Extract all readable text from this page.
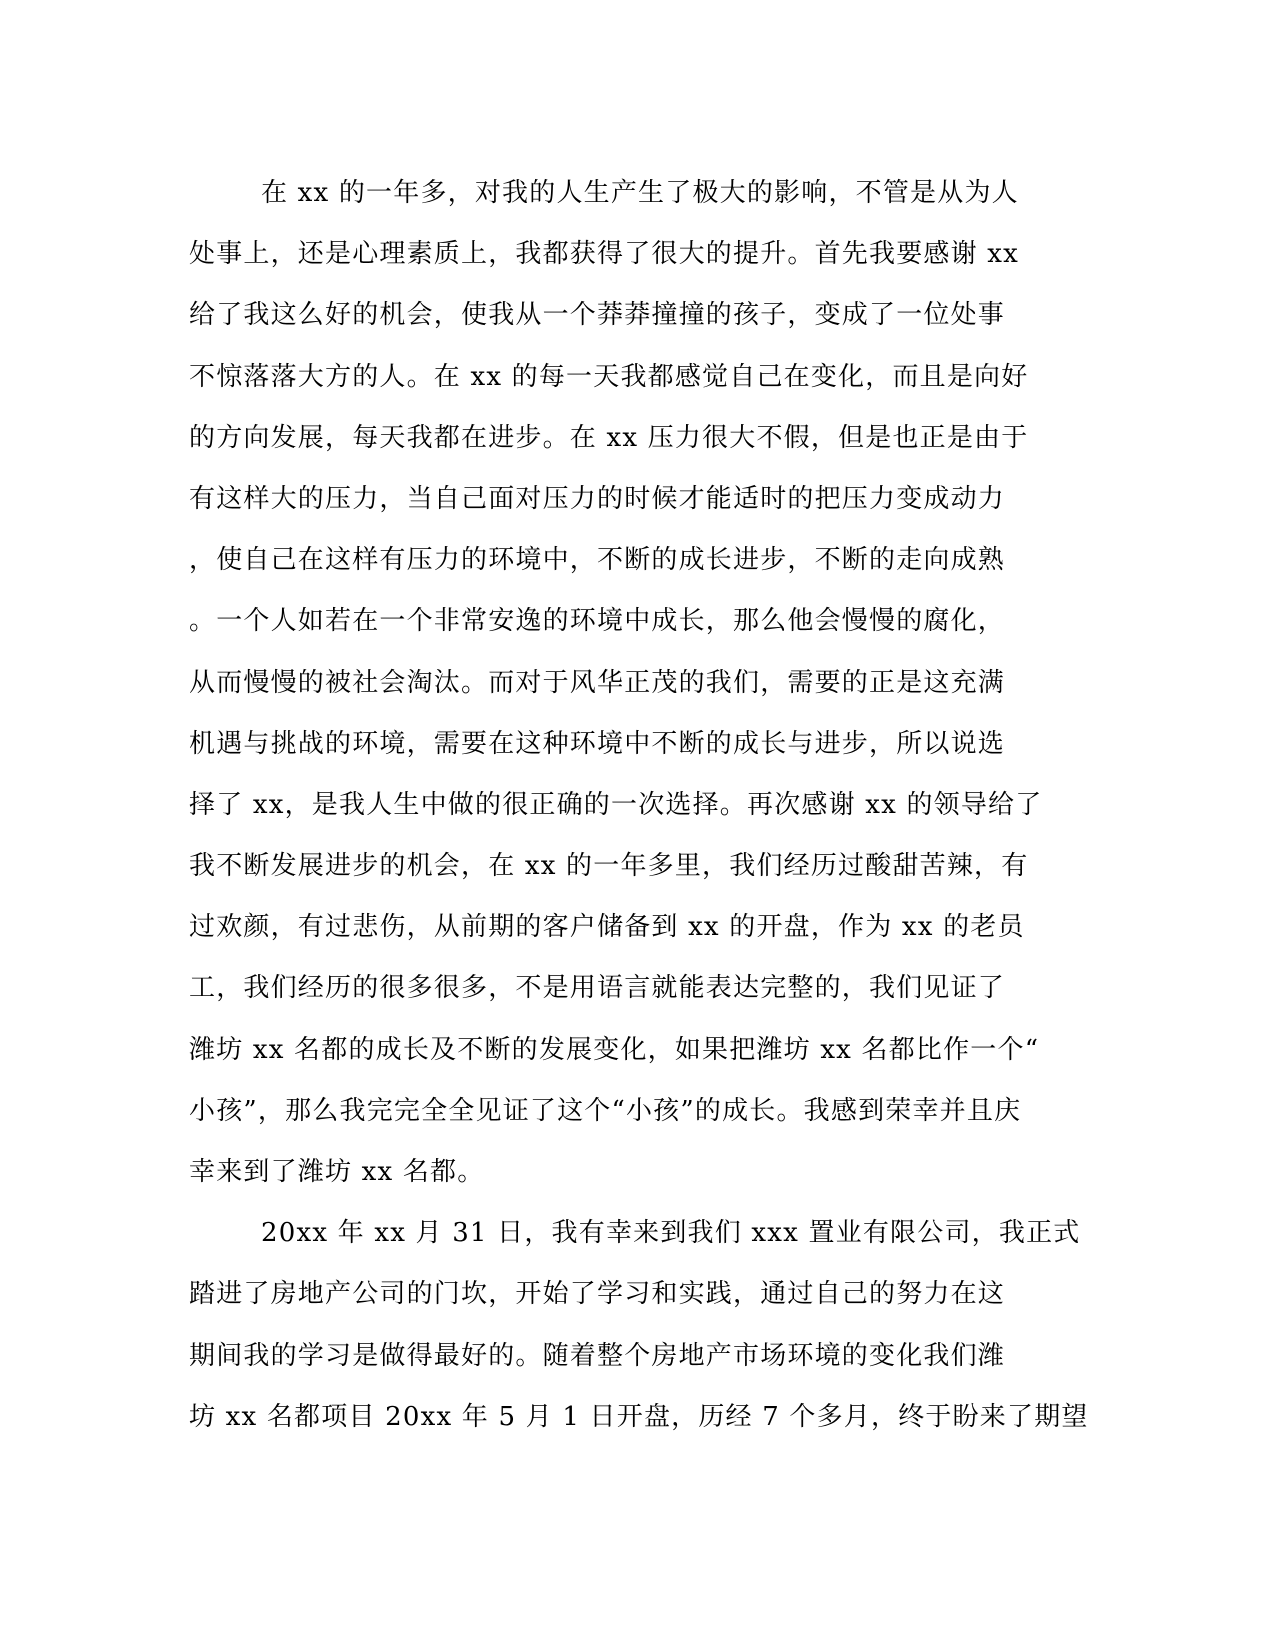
在 xx 的一年多，对我的人生产生了极大的影响，不管是从为人
处事上，还是心理素质上，我都获得了很大的提升。首先我要感谢 xx
给了我这么好的机会，使我从一个莽莽撞撞的孩子，变成了一位处事
不惊落落大方的人。在 xx 的每一天我都感觉自己在变化，而且是向好
的方向发展，每天我都在进步。在 xx 压力很大不假，但是也正是由于
有这样大的压力，当自己面对压力的时候才能适时的把压力变成动力
，使自己在这样有压力的环境中，不断的成长进步，不断的走向成熟
。一个人如若在一个非常安逸的环境中成长，那么他会慢慢的腐化，
从而慢慢的被社会淘汰。而对于风华正茂的我们，需要的正是这充满
机遇与挑战的环境，需要在这种环境中不断的成长与进步，所以说选
择了 xx，是我人生中做的很正确的一次选择。再次感谢 xx 的领导给了
我不断发展进步的机会，在 xx 的一年多里，我们经历过酸甜苦辣，有
过欢颜，有过悲伤，从前期的客户储备到 xx 的开盘，作为 xx 的老员
工，我们经历的很多很多，不是用语言就能表达完整的，我们见证了
潍坊 xx 名都的成长及不断的发展变化，如果把潍坊 xx 名都比作一个“
小孩”，那么我完完全全见证了这个“小孩”的成长。我感到荣幸并且庆
幸来到了潍坊 xx 名都。
20xx 年 xx 月 31 日，我有幸来到我们 xxx 置业有限公司，我正式
踏进了房地产公司的门坎，开始了学习和实践，通过自己的努力在这
期间我的学习是做得最好的。随着整个房地产市场环境的变化我们潍
坊 xx 名都项目 20xx 年 5 月 1 日开盘，历经 7 个多月，终于盼来了期望
